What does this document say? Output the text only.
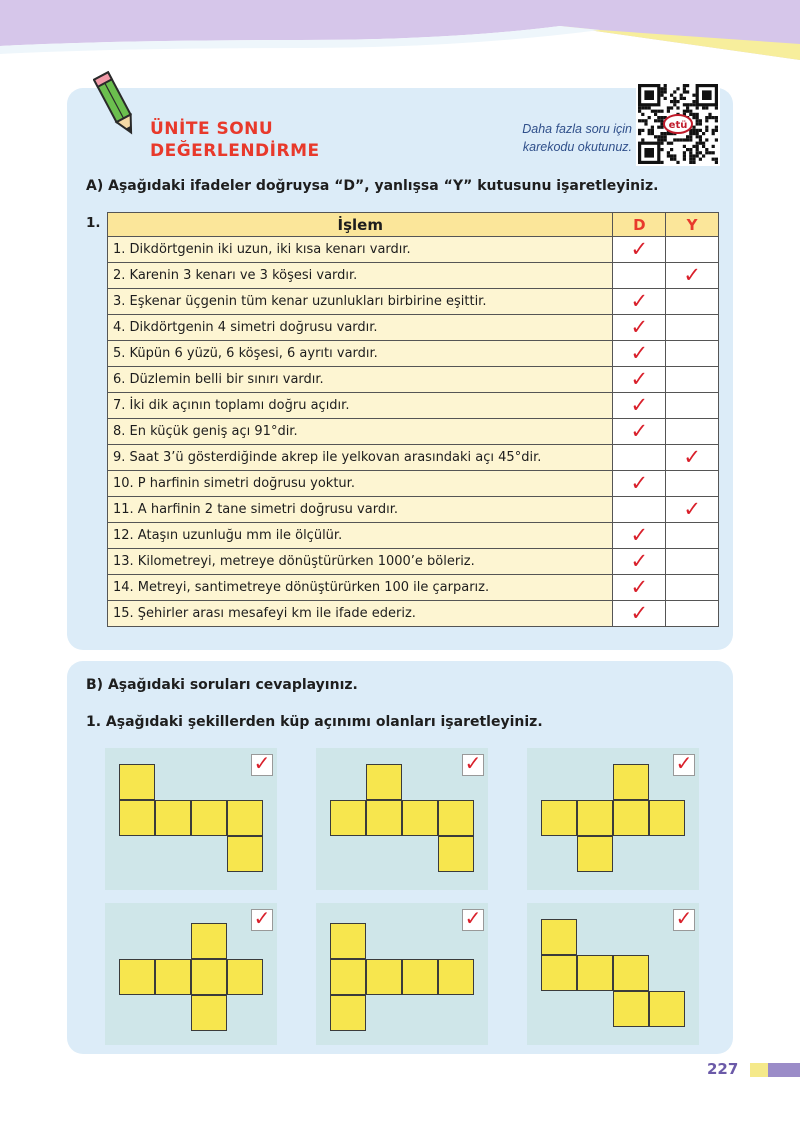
ÜNİTE SONU
DEĞERLENDİRME
Daha fazla soru için
karekodu okutunuz.
etü
A) Aşağıdaki ifadeler doğruysa “D”, yanlışsa “Y” kutusunu işaretleyiniz.
1.	İşlem	D	Y
1. Dikdörtgenin iki uzun, iki kısa kenarı vardır.	✓	
2. Karenin 3 kenarı ve 3 köşesi vardır.		✓
3. Eşkenar üçgenin tüm kenar uzunlukları birbirine eşittir.	✓	
4. Dikdörtgenin 4 simetri doğrusu vardır.	✓	
5. Küpün 6 yüzü, 6 köşesi, 6 ayrıtı vardır.	✓	
6. Düzlemin belli bir sınırı vardır.	✓	
7. İki dik açının toplamı doğru açıdır.	✓	
8. En küçük geniş açı 91°dir.	✓	
9. Saat 3’ü gösterdiğinde akrep ile yelkovan arasındaki açı 45°dir.		✓
10. P harfinin simetri doğrusu yoktur.	✓	
11. A harfinin 2 tane simetri doğrusu vardır.		✓
12. Ataşın uzunluğu mm ile ölçülür.	✓	
13. Kilometreyi, metreye dönüştürürken 1000’e böleriz.	✓	
14. Metreyi, santimetreye dönüştürürken 100 ile çarparız.	✓	
15. Şehirler arası mesafeyi km ile ifade ederiz.	✓	
B) Aşağıdaki soruları cevaplayınız.
1. Aşağıdaki şekillerden küp açınımı olanları işaretleyiniz.
✓	✓	✓
✓	✓	✓
227
